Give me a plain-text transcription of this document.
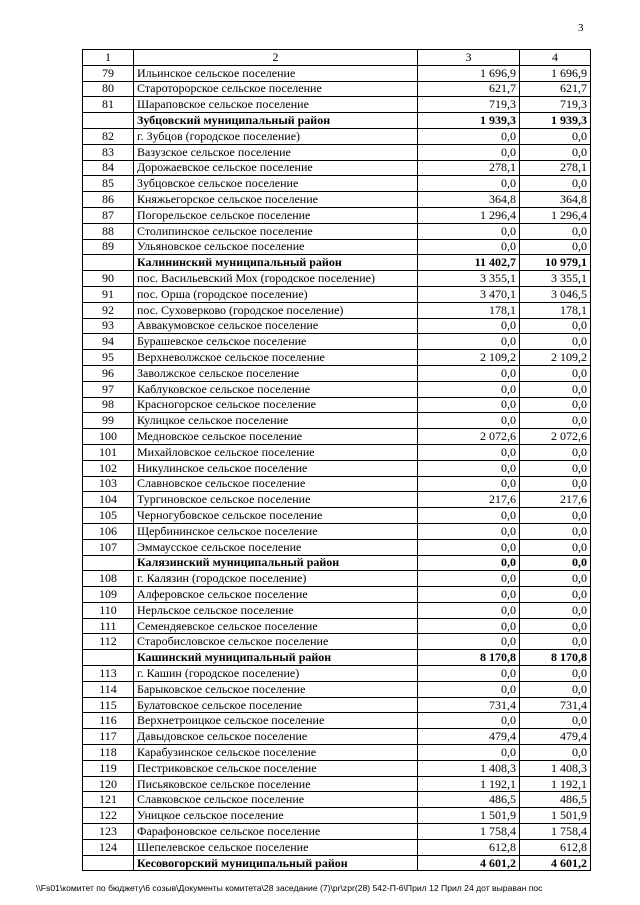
3
1	2	3	4
79	Ильинское сельское поселение	1 696,9	1 696,9
80	Старотороpское сельское поселение	621,7	621,7
81	Шараповское сельское поселение	719,3	719,3
	Зубцовский муниципальный район	1 939,3	1 939,3
82	г. Зубцов (городское поселение)	0,0	0,0
83	Вазузское сельское поселение	0,0	0,0
84	Дорожаевское сельское поселение	278,1	278,1
85	Зубцовское сельское поселение	0,0	0,0
86	Княжьегорское сельское поселение	364,8	364,8
87	Погорельское сельское поселение	1 296,4	1 296,4
88	Столипинское сельское поселение	0,0	0,0
89	Ульяновское сельское поселение	0,0	0,0
	Калининский муниципальный район	11 402,7	10 979,1
90	пос. Васильевский Мох (городское поселение)	3 355,1	3 355,1
91	пос. Орша (городское поселение)	3 470,1	3 046,5
92	пос. Суховерково (городское поселение)	178,1	178,1
93	Аввакумовское сельское поселение	0,0	0,0
94	Бурашевское сельское поселение	0,0	0,0
95	Верхневолжское сельское поселение	2 109,2	2 109,2
96	Заволжское сельское поселение	0,0	0,0
97	Каблуковское сельское поселение	0,0	0,0
98	Красногорское сельское поселение	0,0	0,0
99	Кулицкое сельское поселение	0,0	0,0
100	Медновское сельское поселение	2 072,6	2 072,6
101	Михайловское сельское поселение	0,0	0,0
102	Никулинское сельское поселение	0,0	0,0
103	Славновское сельское поселение	0,0	0,0
104	Тургиновское сельское поселение	217,6	217,6
105	Черногубовское сельское поселение	0,0	0,0
106	Щербининское сельское поселение	0,0	0,0
107	Эммаусское сельское поселение	0,0	0,0
	Калязинский муниципальный район	0,0	0,0
108	г. Калязин (городское поселение)	0,0	0,0
109	Алферовское сельское поселение	0,0	0,0
110	Нерльское сельское поселение	0,0	0,0
111	Семендяевское сельское поселение	0,0	0,0
112	Старобисловское сельское поселение	0,0	0,0
	Кашинский муниципальный район	8 170,8	8 170,8
113	г. Кашин (городское поселение)	0,0	0,0
114	Барыковское сельское поселение	0,0	0,0
115	Булатовское сельское поселение	731,4	731,4
116	Верхнетроицкое сельское поселение	0,0	0,0
117	Давыдовское сельское поселение	479,4	479,4
118	Карабузинское сельское поселение	0,0	0,0
119	Пестриковское сельское поселение	1 408,3	1 408,3
120	Письяковское сельское поселение	1 192,1	1 192,1
121	Славковское сельское поселение	486,5	486,5
122	Уницкое сельское поселение	1 501,9	1 501,9
123	Фарафоновское сельское поселение	1 758,4	1 758,4
124	Шепелевское сельское поселение	612,8	612,8
	Кесовогорский муниципальный район	4 601,2	4 601,2
\\Fs01\комитет по бюджету\6 созыв\Документы комитета\28 заседание (7)\pr\zpr(28) 542-П-6\Прил 12 Прил 24 дот выраван пос
